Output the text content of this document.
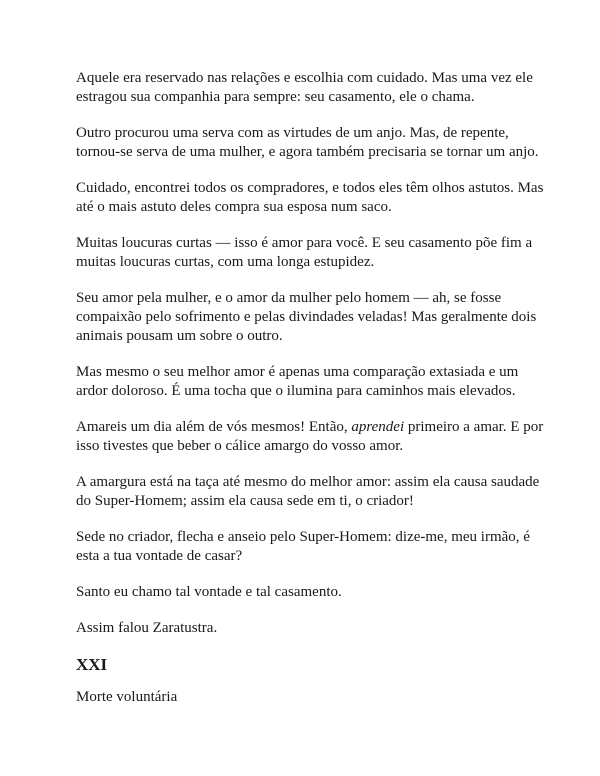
Aquele era reservado nas relações e escolhia com cuidado. Mas uma vez ele estragou sua companhia para sempre: seu casamento, ele o chama.

Outro procurou uma serva com as virtudes de um anjo. Mas, de repente, tornou-se serva de uma mulher, e agora também precisaria se tornar um anjo.

Cuidado, encontrei todos os compradores, e todos eles têm olhos astutos. Mas até o mais astuto deles compra sua esposa num saco.

Muitas loucuras curtas — isso é amor para você. E seu casamento põe fim a muitas loucuras curtas, com uma longa estupidez.

Seu amor pela mulher, e o amor da mulher pelo homem — ah, se fosse compaixão pelo sofrimento e pelas divindades veladas! Mas geralmente dois animais pousam um sobre o outro.

Mas mesmo o seu melhor amor é apenas uma comparação extasiada e um ardor doloroso. É uma tocha que o ilumina para caminhos mais elevados.

Amareis um dia além de vós mesmos! Então, aprendei primeiro a amar. E por isso tivestes que beber o cálice amargo do vosso amor.

A amargura está na taça até mesmo do melhor amor: assim ela causa saudade do Super-Homem; assim ela causa sede em ti, o criador!

Sede no criador, flecha e anseio pelo Super-Homem: dize-me, meu irmão, é esta a tua vontade de casar?

Santo eu chamo tal vontade e tal casamento.

Assim falou Zaratustra.

XXI

Morte voluntária
